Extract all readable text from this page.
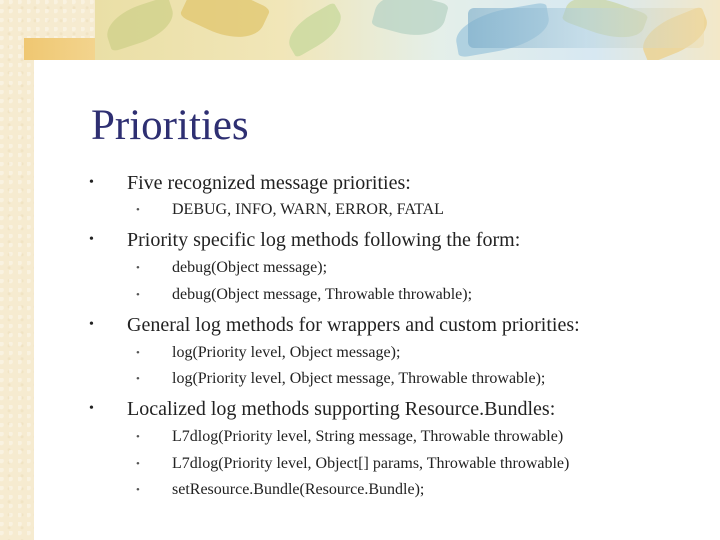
Priorities
• Five recognized message priorities:
• DEBUG, INFO, WARN, ERROR, FATAL
• Priority specific log methods following the form:
• debug(Object message);
• debug(Object message, Throwable throwable);
• General log methods for wrappers and custom priorities:
• log(Priority level, Object message);
• log(Priority level, Object message, Throwable throwable);
• Localized log methods supporting Resource.Bundles:
• L7dlog(Priority level, String message, Throwable throwable)
• L7dlog(Priority level, Object[] params, Throwable throwable)
• setResource.Bundle(Resource.Bundle);
